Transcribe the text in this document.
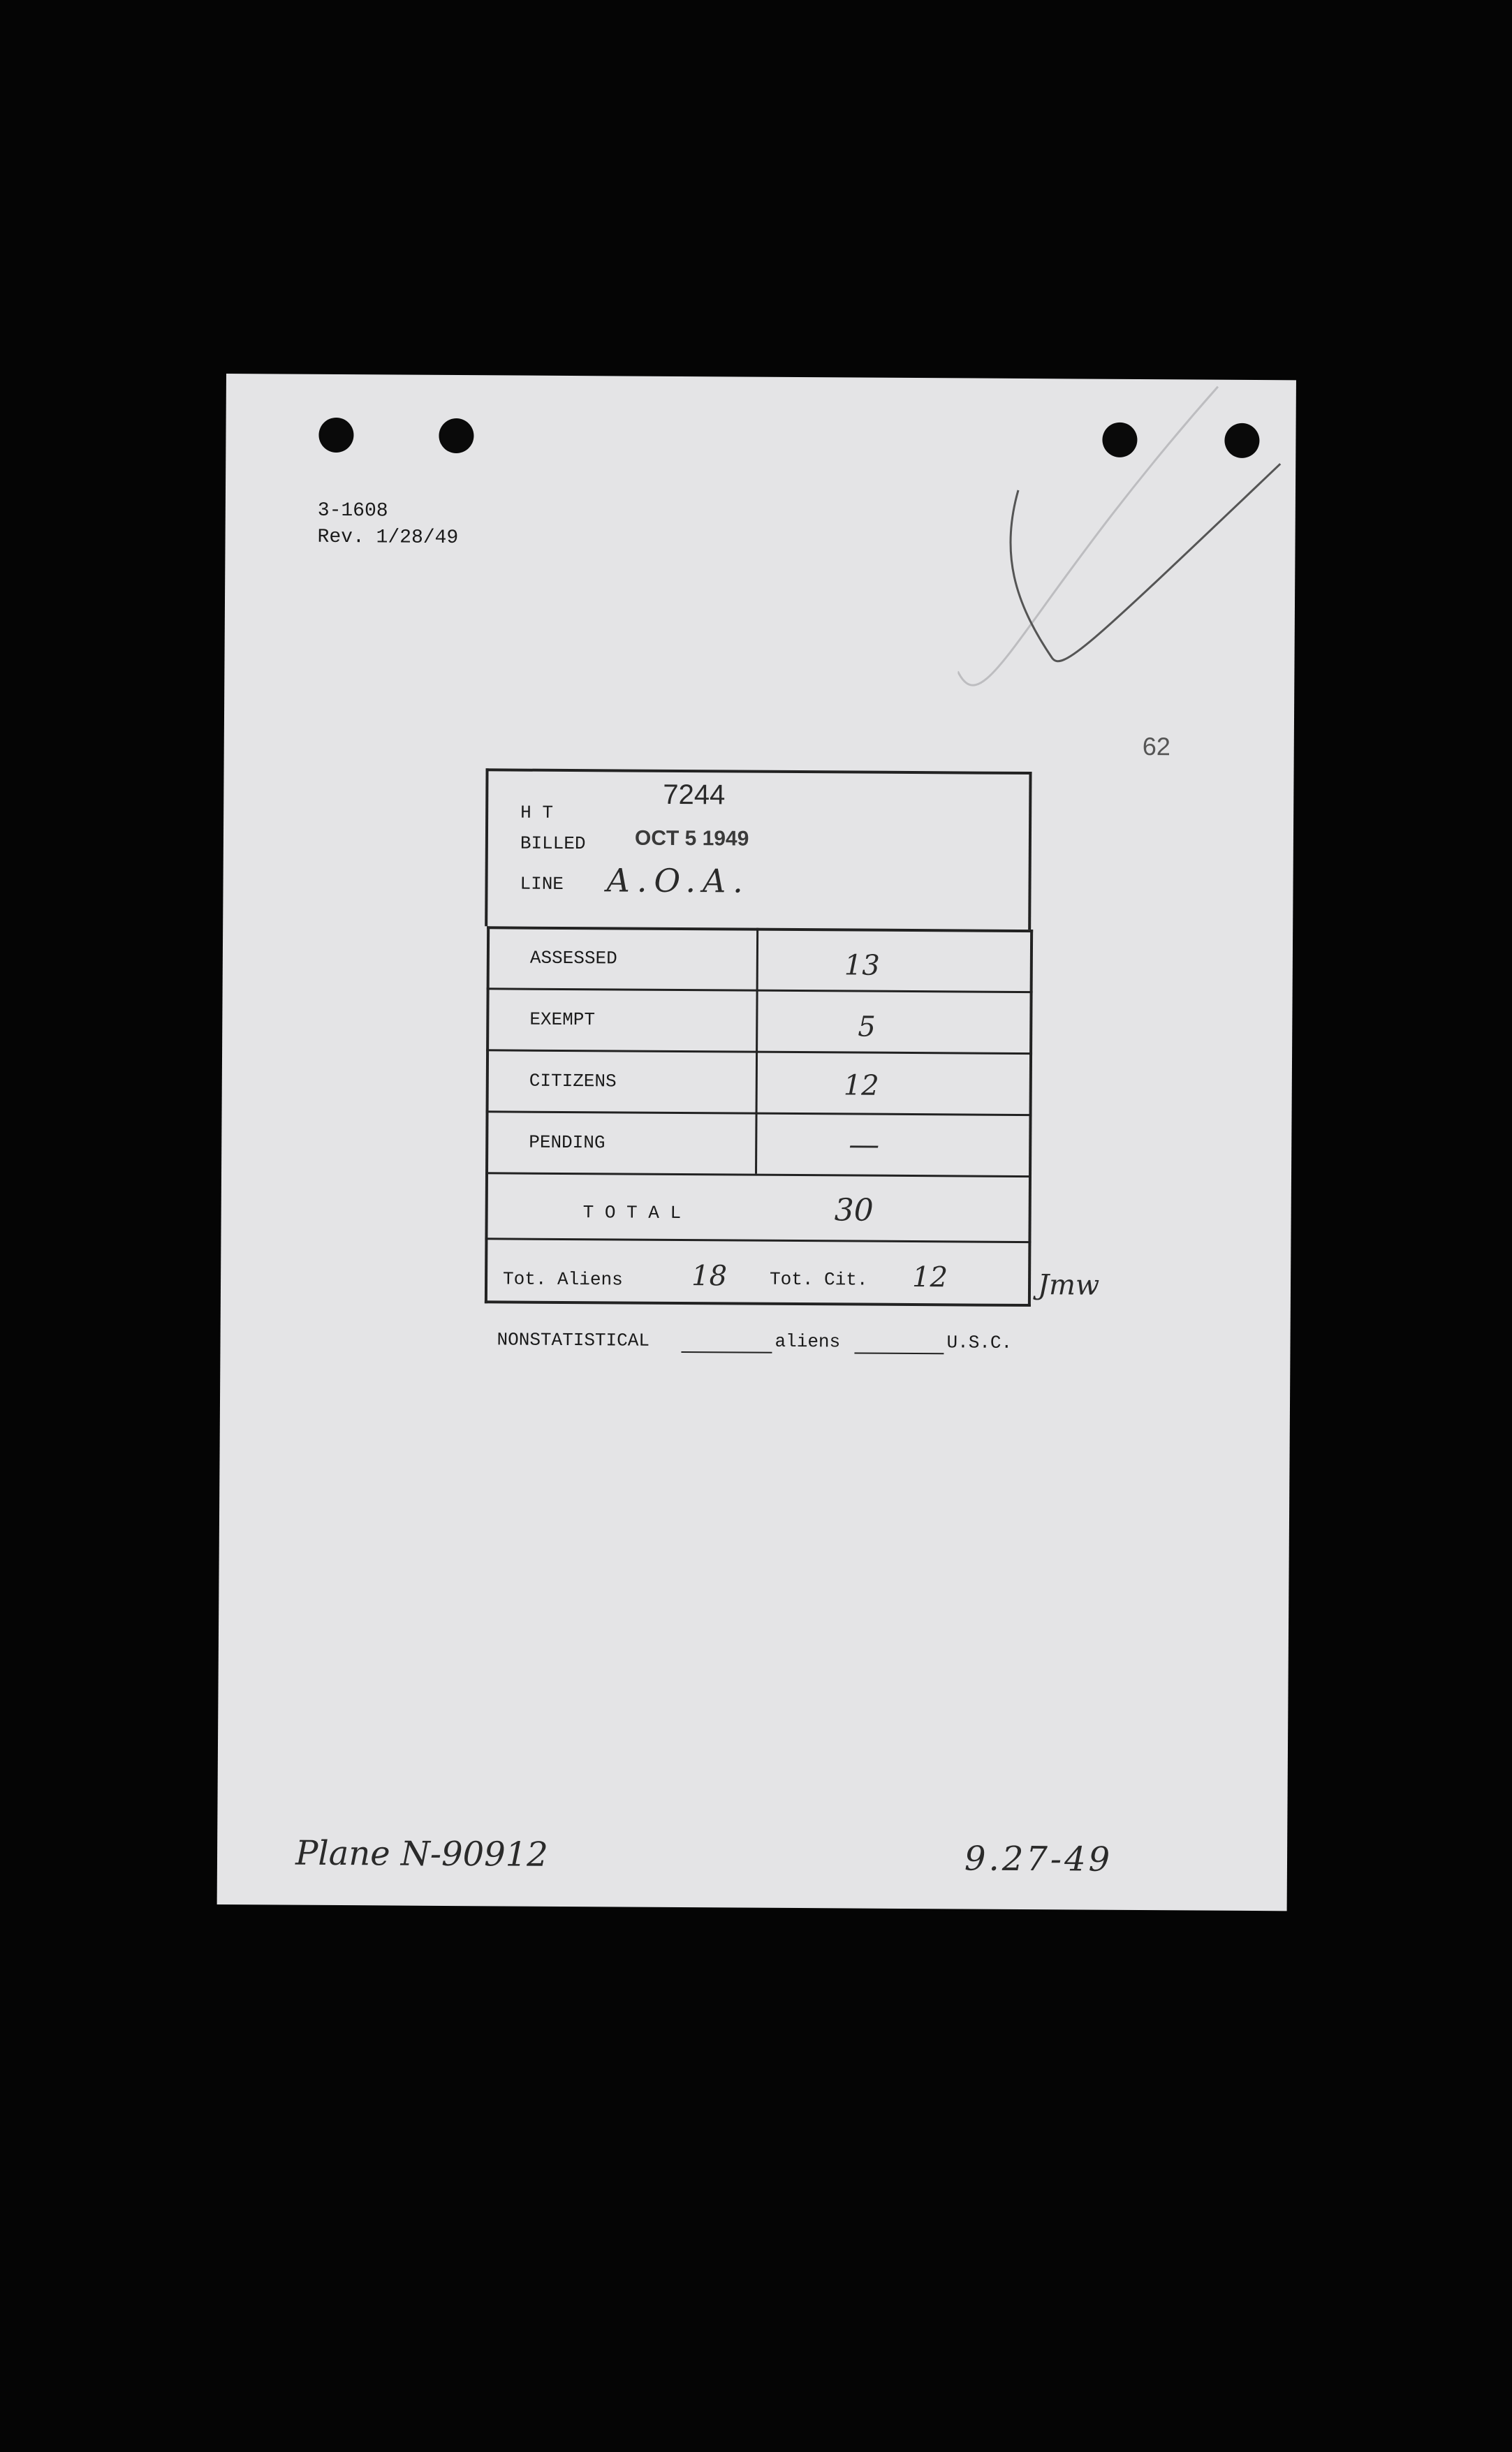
3-1608
Rev. 1/28/49
62
H T
7244
BILLED OCT 5 1949
LINE A.O.A.
ASSESSED	13
EXEMPT	5
CITIZENS	12
PENDING	—
T O T A L	30
Tot. Aliens 18 Tot. Cit. 12	Jmw
NONSTATISTICAL	aliens	U.S.C.
Plane N-90912	9.27-49
